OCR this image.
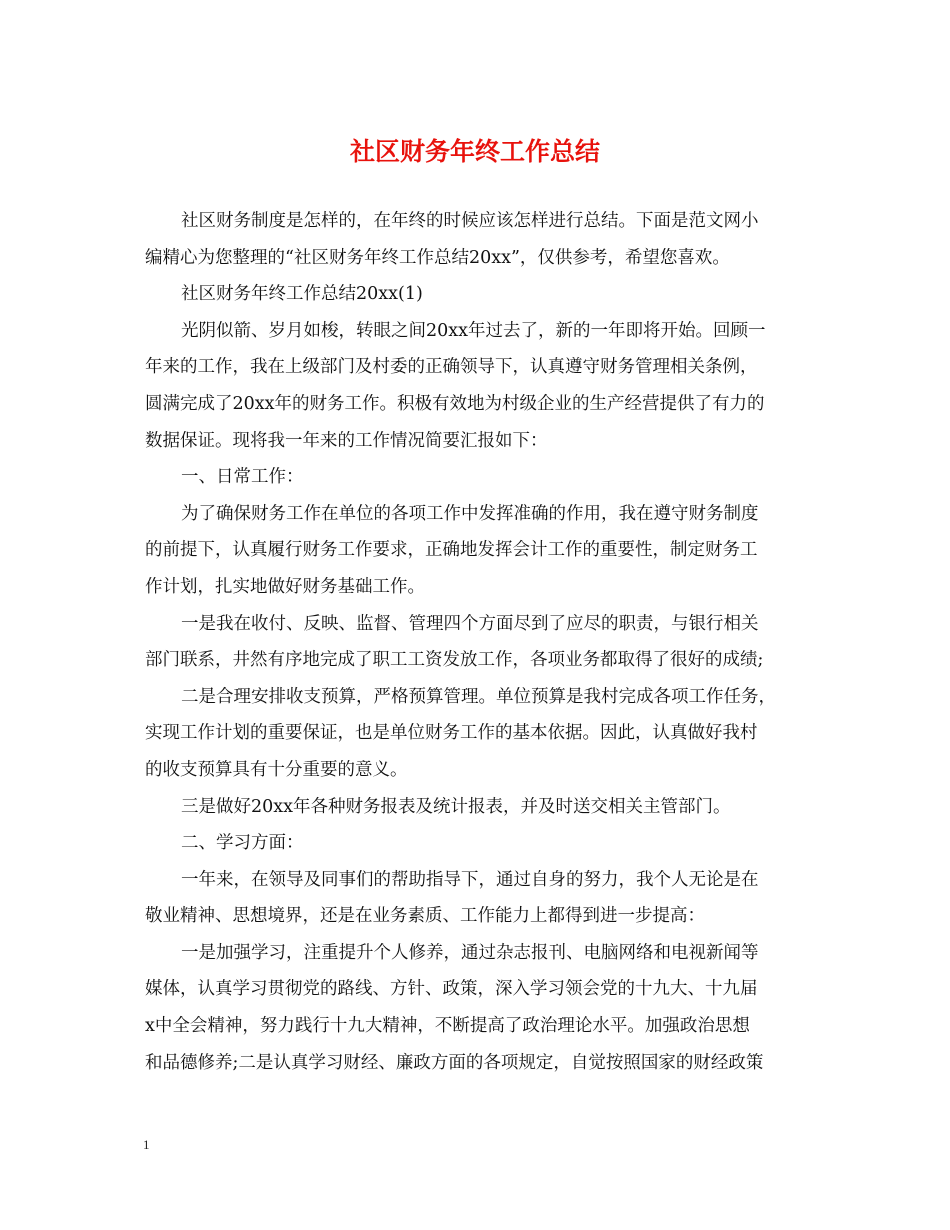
社区财务年终工作总结
社区财务制度是怎样的，在年终的时候应该怎样进行总结。下面是范文网小
编精心为您整理的“社区财务年终工作总结20xx”，仅供参考，希望您喜欢。
社区财务年终工作总结20xx(1)
光阴似箭、岁月如梭，转眼之间20xx年过去了，新的一年即将开始。回顾一
年来的工作，我在上级部门及村委的正确领导下，认真遵守财务管理相关条例，
圆满完成了20xx年的财务工作。积极有效地为村级企业的生产经营提供了有力的
数据保证。现将我一年来的工作情况简要汇报如下：
一、日常工作：
为了确保财务工作在单位的各项工作中发挥准确的作用，我在遵守财务制度
的前提下，认真履行财务工作要求，正确地发挥会计工作的重要性，制定财务工
作计划，扎实地做好财务基础工作。
一是我在收付、反映、监督、管理四个方面尽到了应尽的职责，与银行相关
部门联系，井然有序地完成了职工工资发放工作，各项业务都取得了很好的成绩;
二是合理安排收支预算，严格预算管理。单位预算是我村完成各项工作任务，
实现工作计划的重要保证，也是单位财务工作的基本依据。因此，认真做好我村
的收支预算具有十分重要的意义。
三是做好20xx年各种财务报表及统计报表，并及时送交相关主管部门。
二、学习方面：
一年来，在领导及同事们的帮助指导下，通过自身的努力，我个人无论是在
敬业精神、思想境界，还是在业务素质、工作能力上都得到进一步提高：
一是加强学习，注重提升个人修养，通过杂志报刊、电脑网络和电视新闻等
媒体，认真学习贯彻党的路线、方针、政策，深入学习领会党的十九大、十九届
x中全会精神，努力践行十九大精神，不断提高了政治理论水平。加强政治思想
和品德修养;二是认真学习财经、廉政方面的各项规定，自觉按照国家的财经政策
1
